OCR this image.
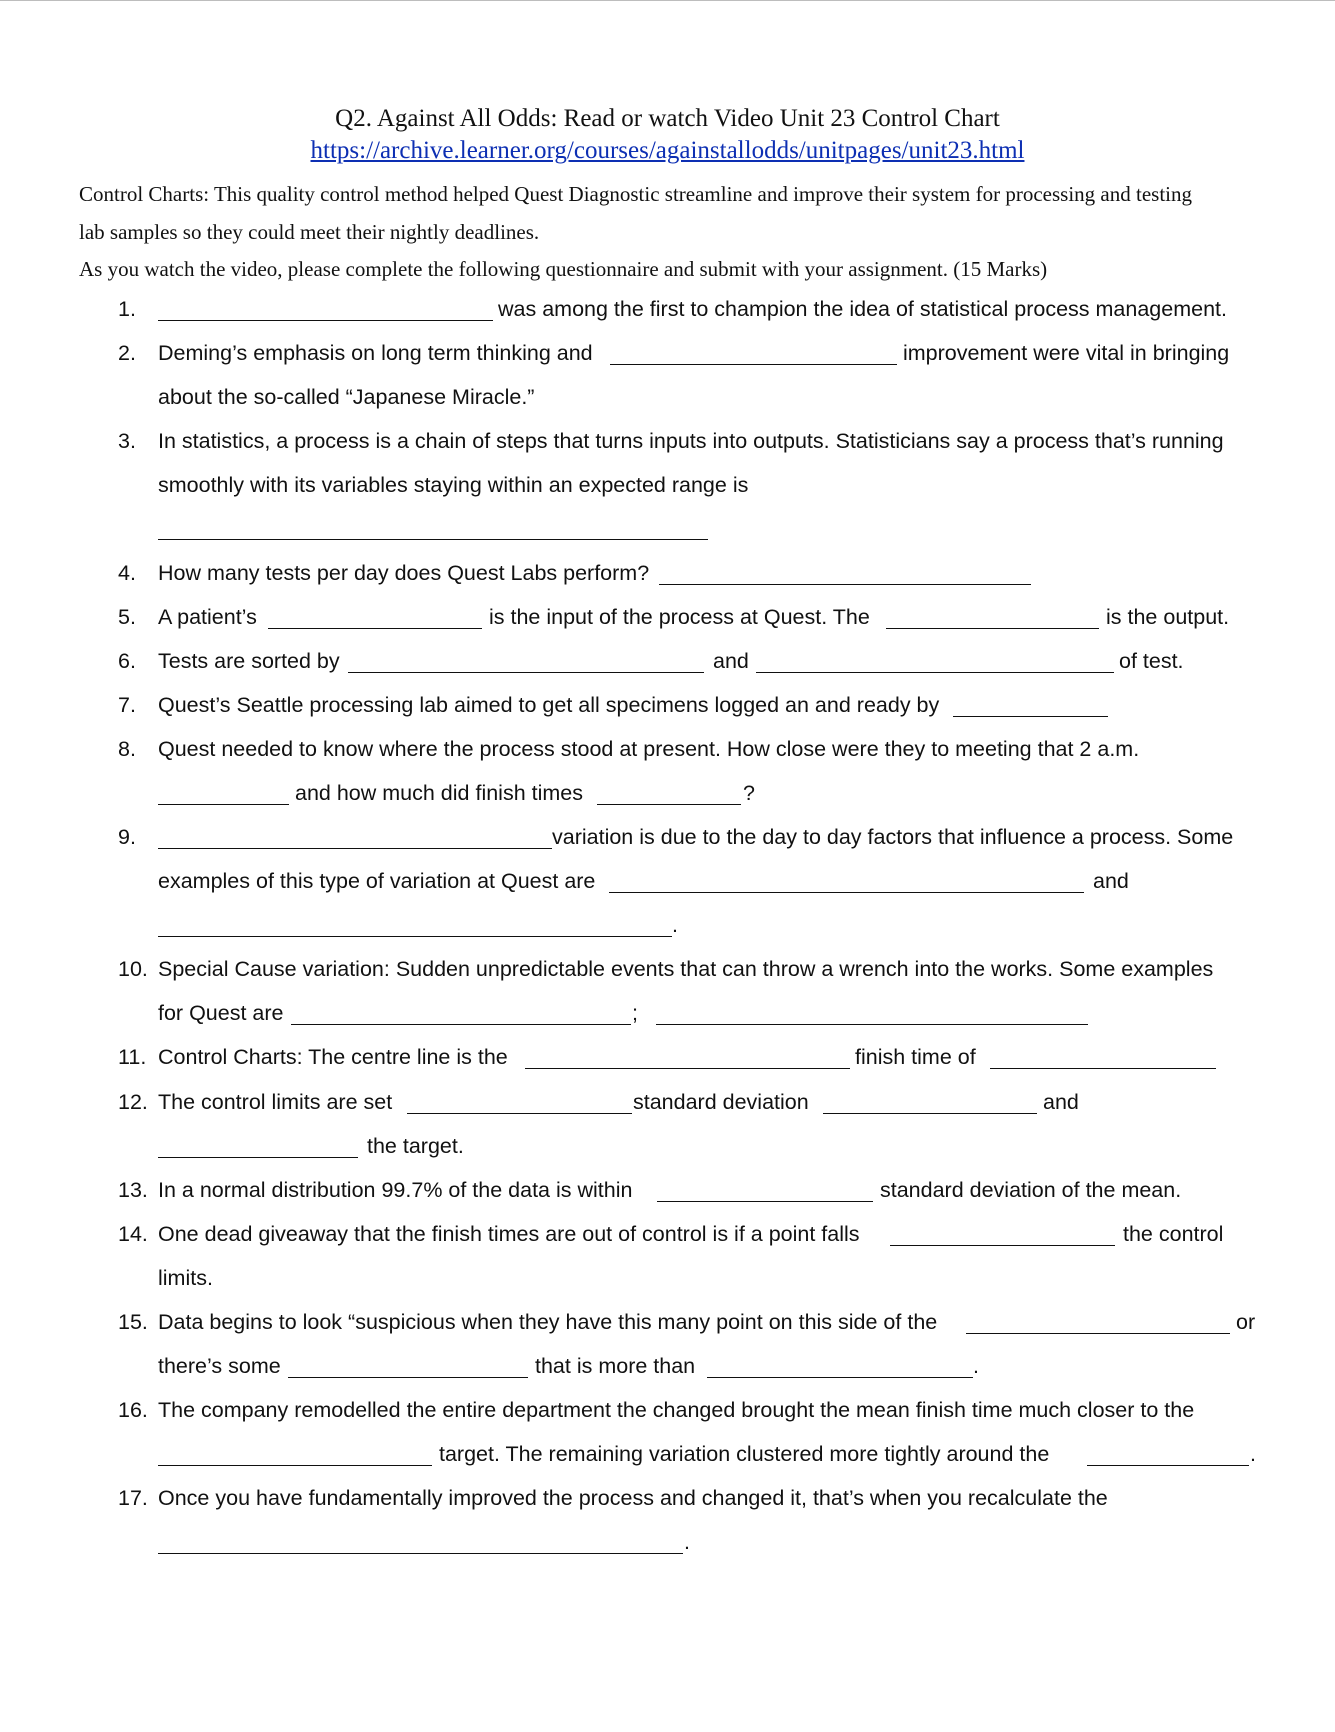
Q2. Against All Odds: Read or watch Video Unit 23 Control Chart
https://archive.learner.org/courses/againstallodds/unitpages/unit23.html
Control Charts: This quality control method helped Quest Diagnostic streamline and improve their system for processing and testing
lab samples so they could meet their nightly deadlines.
As you watch the video, please complete the following questionnaire and submit with your assignment. (15 Marks)
1.	was among the first to champion the idea of statistical process management.
2. Deming’s emphasis on long term thinking and	improvement were vital in bringing
about the so-called “Japanese Miracle.”
3. In statistics, a process is a chain of steps that turns inputs into outputs. Statisticians say a process that’s running
smoothly with its variables staying within an expected range is
4. How many tests per day does Quest Labs perform?
5. A patient’s	is the input of the process at Quest. The	is the output.
6. Tests are sorted by	and	of test.
7. Quest’s Seattle processing lab aimed to get all specimens logged an and ready by
8. Quest needed to know where the process stood at present. How close were they to meeting that 2 a.m.
and how much did finish times	?
9.	variation is due to the day to day factors that influence a process. Some
examples of this type of variation at Quest are	and
.
10. Special Cause variation: Sudden unpredictable events that can throw a wrench into the works. Some examples
for Quest are	;
11. Control Charts: The centre line is the	finish time of
12. The control limits are set	standard deviation	and
the target.
13. In a normal distribution 99.7% of the data is within	standard deviation of the mean.
14. One dead giveaway that the finish times are out of control is if a point falls	the control
limits.
15. Data begins to look “suspicious when they have this many point on this side of the	or
there’s some	that is more than	.
16. The company remodelled the entire department the changed brought the mean finish time much closer to the
target. The remaining variation clustered more tightly around the	.
17. Once you have fundamentally improved the process and changed it, that’s when you recalculate the
.
